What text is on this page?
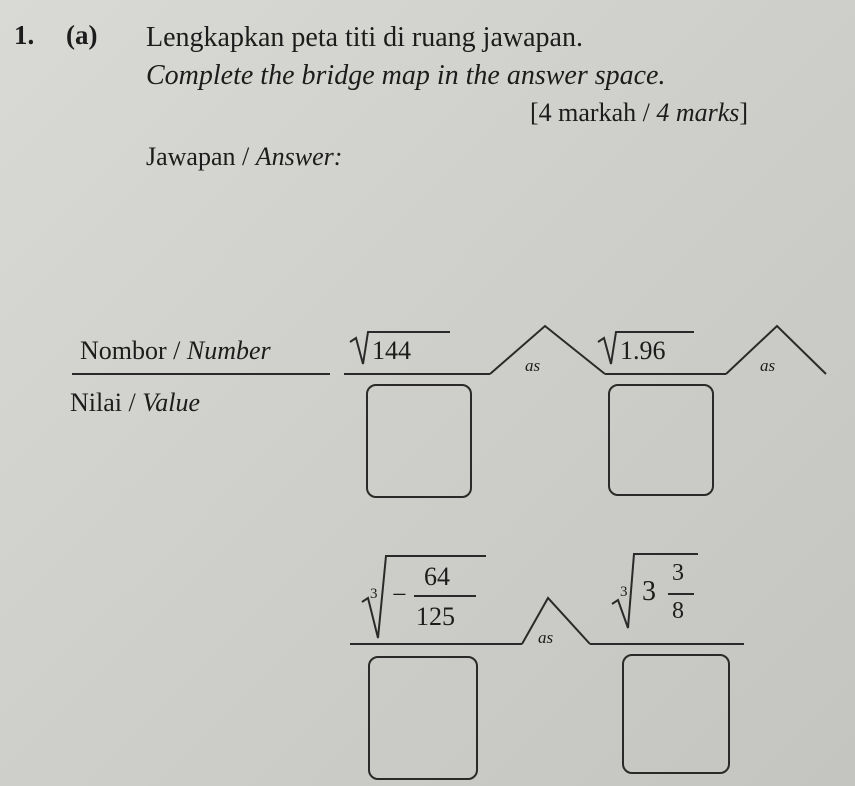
1. (a) Lengkapkan peta titi di ruang jawapan.
Complete the bridge map in the answer space.
[4 markah / 4 marks]
Jawapan / Answer:
Nombor / Number
Nilai / Value
144	1.96
as	as
3 −
64
125
3 3
3
8
as
